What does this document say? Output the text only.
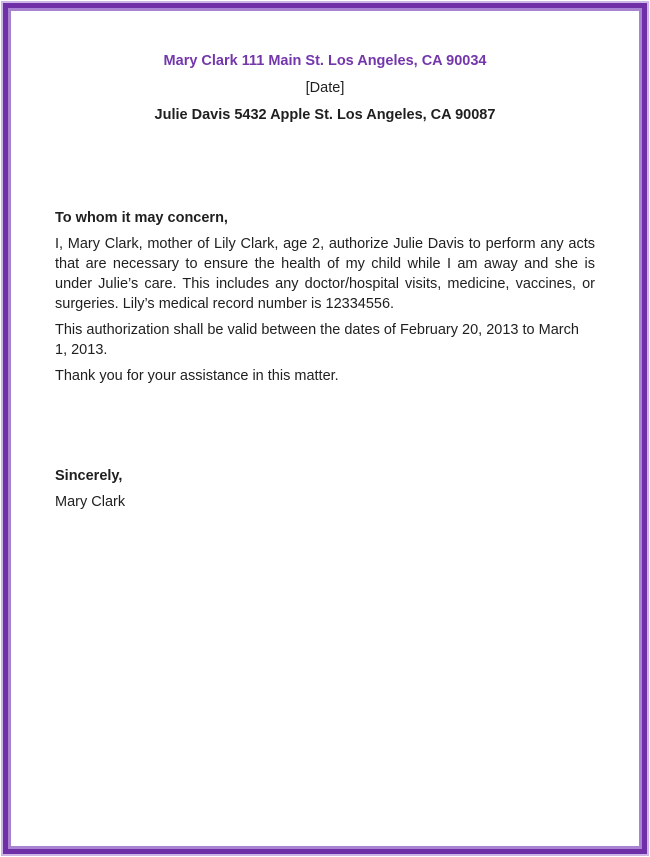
Mary Clark 111 Main St. Los Angeles, CA 90034

[Date]

Julie Davis 5432 Apple St. Los Angeles, CA 90087

To whom it may concern,

I, Mary Clark, mother of Lily Clark, age 2, authorize Julie Davis to perform any acts that are necessary to ensure the health of my child while I am away and she is under Julie’s care. This includes any doctor/hospital visits, medicine, vaccines, or surgeries. Lily’s medical record number is 12334556.

This authorization shall be valid between the dates of February 20, 2013 to March 1, 2013.

Thank you for your assistance in this matter.

Sincerely,

Mary Clark
